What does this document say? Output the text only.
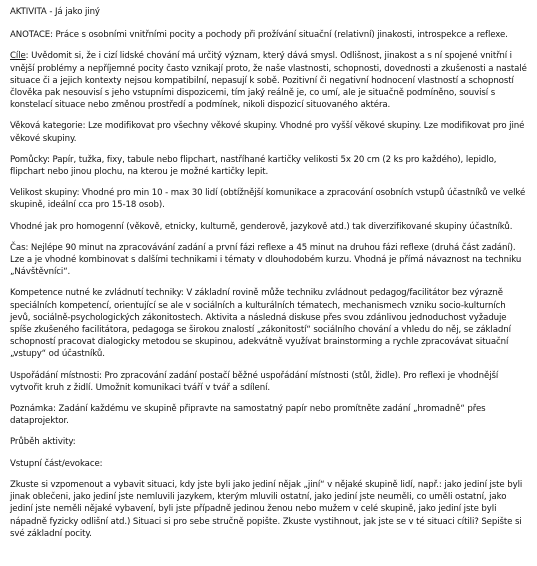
AKTIVITA - Já jako jiný

ANOTACE: Práce s osobními vnitřními pocity a pochody při prožívání situační (relativní) jinakosti, introspekce a reflexe.

Cíle: Uvědomit si, že i cizí lidské chování má určitý význam, který dává smysl. Odlišnost, jinakost a s ní spojené vnitřní i vnější problémy a nepříjemné pocity často vznikají proto, že naše vlastnosti, schopnosti, dovednosti a zkušenosti a nastalé situace či a jejich kontexty nejsou kompatibilní, nepasují k sobě. Pozitivní či negativní hodnocení vlastností a schopností člověka pak nesouvisí s jeho vstupními dispozicemi, tím jaký reálně je, co umí, ale je situačně podmíněno, souvisí s konstelací situace nebo změnou prostředí a podmínek, nikoli dispozicí situovaného aktéra.

Věková kategorie: Lze modifikovat pro všechny věkové skupiny. Vhodné pro vyšší věkové skupiny. Lze modifikovat pro jiné věkové skupiny.

Pomůcky: Papír, tužka, fixy, tabule nebo flipchart, nastříhané kartičky velikosti 5x 20 cm (2 ks pro každého), lepidlo, flipchart nebo jinou plochu, na kterou je možné kartičky lepit.

Velikost skupiny: Vhodné pro min 10 - max 30 lidí (obtížnější komunikace a zpracování osobních vstupů účastníků ve velké skupině, ideální cca pro 15-18 osob).

Vhodné jak pro homogenní (věkově, etnicky, kulturně, genderově, jazykově atd.) tak diverzifikované skupiny účastníků.

Čas: Nejlépe 90 minut na zpracovávání zadání a první fázi reflexe a 45 minut na druhou fázi reflexe (druhá část zadání). Lze a je vhodné kombinovat s dalšími technikami i tématy v dlouhodobém kurzu. Vhodná je přímá návaznost na techniku „Návštěvníci“.

Kompetence nutné ke zvládnutí techniky: V základní rovině může techniku zvládnout pedagog/facilitátor bez výrazně speciálních kompetencí, orientující se ale v sociálních a kulturálních tématech, mechanismech vzniku socio-kulturních jevů, sociálně-psychologických zákonitostech. Aktivita a následná diskuse přes svou zdánlivou jednoduchost vyžaduje spíše zkušeného facilitátora, pedagoga se širokou znalostí „zákonitostí“ sociálního chování a vhledu do něj, se základní schopností pracovat dialogicky metodou se skupinou, adekvátně využívat brainstorming a rychle zpracovávat situační „vstupy“ od účastníků.

Uspořádání místnosti: Pro zpracování zadání postačí běžné uspořádání místnosti (stůl, židle). Pro reflexi je vhodnější vytvořit kruh z židlí. Umožnit komunikaci tváří v tvář a sdílení.

Poznámka: Zadání každému ve skupině připravte na samostatný papír nebo promítněte zadání „hromadně“ přes dataprojektor.

Průběh aktivity:

Vstupní část/evokace:

Zkuste si vzpomenout a vybavit situaci, kdy jste byli jako jediní nějak „jiní“ v nějaké skupině lidí, např.: jako jediní jste byli jinak oblečeni, jako jediní jste nemluvili jazykem, kterým mluvili ostatní, jako jediní jste neuměli, co uměli ostatní, jako jediní jste neměli nějaké vybavení, byli jste případně jedinou ženou nebo mužem v celé skupině, jako jediní jste byli nápadně fyzicky odlišní atd.) Situaci si pro sebe stručně popište. Zkuste vystihnout, jak jste se v té situaci cítili? Sepište si své základní pocity.
